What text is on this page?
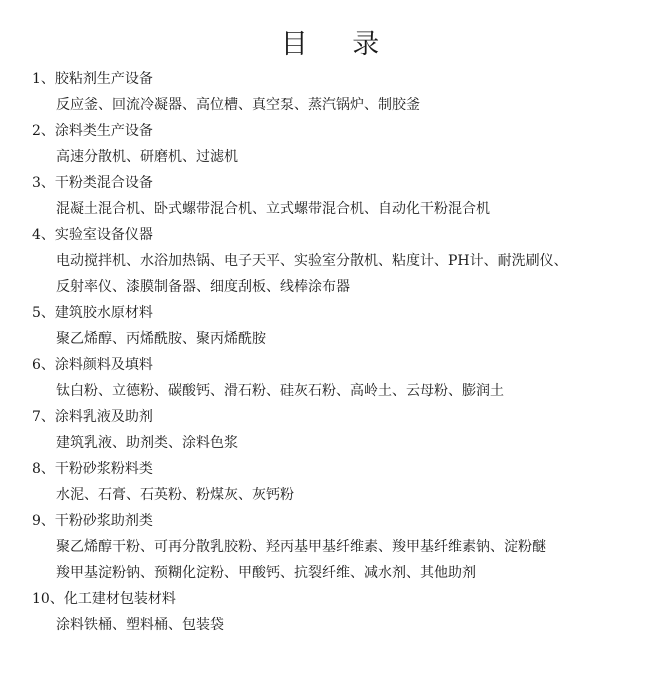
目 录
1、胶粘剂生产设备
反应釜、回流冷凝器、高位槽、真空泵、蒸汽锅炉、制胶釜
2、涂料类生产设备
高速分散机、研磨机、过滤机
3、干粉类混合设备
混凝土混合机、卧式螺带混合机、立式螺带混合机、自动化干粉混合机
4、实验室设备仪器
电动搅拌机、水浴加热锅、电子天平、实验室分散机、粘度计、PH计、耐洗刷仪、
反射率仪、漆膜制备器、细度刮板、线棒涂布器
5、建筑胶水原材料
聚乙烯醇、丙烯酰胺、聚丙烯酰胺
6、涂料颜料及填料
钛白粉、立德粉、碳酸钙、滑石粉、硅灰石粉、高岭土、云母粉、膨润土
7、涂料乳液及助剂
建筑乳液、助剂类、涂料色浆
8、干粉砂浆粉料类
水泥、石膏、石英粉、粉煤灰、灰钙粉
9、干粉砂浆助剂类
聚乙烯醇干粉、可再分散乳胶粉、羟丙基甲基纤维素、羧甲基纤维素钠、淀粉醚
羧甲基淀粉钠、预糊化淀粉、甲酸钙、抗裂纤维、减水剂、其他助剂
10、化工建材包装材料
涂料铁桶、塑料桶、包装袋
